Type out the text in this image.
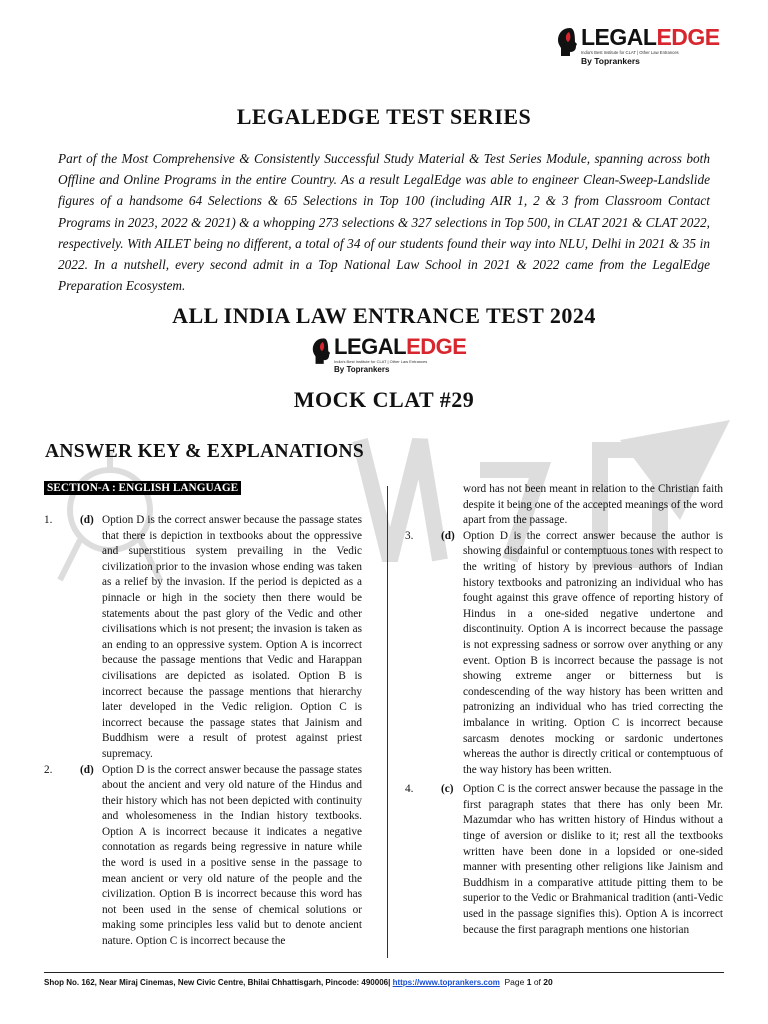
LEGALEDGE
India's Best Institute for CLAT | Other Law Entrances
By Toprankers
LEGALEDGE TEST SERIES
Part of the Most Comprehensive & Consistently Successful Study Material & Test Series Module, spanning across both Offline and Online Programs in the entire Country. As a result LegalEdge was able to engineer Clean-Sweep-Landslide figures of a handsome 64 Selections & 65 Selections in Top 100 (including AIR 1, 2 & 3 from Classroom Contact Programs in 2023, 2022 & 2021) & a whopping 273 selections & 327 selections in Top 500, in CLAT 2021 & CLAT 2022, respectively. With AILET being no different, a total of 34 of our students found their way into NLU, Delhi in 2021 & 35 in 2022. In a nutshell, every second admit in a Top National Law School in 2021 & 2022 came from the LegalEdge Preparation Ecosystem.
ALL INDIA LAW ENTRANCE TEST 2024
LEGALEDGE
India's Best Institute for CLAT | Other Law Entrances
By Toprankers
MOCK CLAT #29
ANSWER KEY & EXPLANATIONS
SECTION-A : ENGLISH LANGUAGE
1. (d) Option D is the correct answer because the passage states that there is depiction in textbooks about the oppressive and superstitious system prevailing in the Vedic civilization prior to the invasion whose ending was taken as a relief by the invasion. If the period is depicted as a pinnacle or high in the society then there would be statements about the past glory of the Vedic and other civilisations which is not present; the invasion is taken as an ending to an oppressive system. Option A is incorrect because the passage mentions that Vedic and Harappan civilisations are depicted as isolated. Option B is incorrect because the passage mentions that hierarchy later developed in the Vedic religion. Option C is incorrect because the passage states that Jainism and Buddhism were a result of protest against priest supremacy.
2. (d) Option D is the correct answer because the passage states about the ancient and very old nature of the Hindus and their history which has not been depicted with continuity and wholesomeness in the Indian history textbooks. Option A is incorrect because it indicates a negative connotation as regards being regressive in nature while the word is used in a positive sense in the passage to mean ancient or very old nature of the people and the civilization. Option B is incorrect because this word has not been used in the sense of chemical solutions or making some principles less valid but to denote ancient nature. Option C is incorrect because the
word has not been meant in relation to the Christian faith despite it being one of the accepted meanings of the word apart from the passage.
3. (d) Option D is the correct answer because the author is showing disdainful or contemptuous tones with respect to the writing of history by previous authors of Indian history textbooks and patronizing an individual who has fought against this grave offence of reporting history of Hindus in a one-sided negative undertone and discontinuity. Option A is incorrect because the passage is not expressing sadness or sorrow over anything or any event. Option B is incorrect because the passage is not showing extreme anger or bitterness but is condescending of the way history has been written and patronizing an individual who has tried correcting the imbalance in writing. Option C is incorrect because sarcasm denotes mocking or sardonic undertones whereas the author is directly critical or contemptuous of the way history has been written.
4. (c) Option C is the correct answer because the passage in the first paragraph states that there has only been Mr. Mazumdar who has written history of Hindus without a tinge of aversion or dislike to it; rest all the textbooks written have been done in a lopsided or one-sided manner with presenting other religions like Jainism and Buddhism in a comparative attitude pitting them to be superior to the Vedic or Brahmanical tradition (anti-Vedic used in the passage signifies this). Option A is incorrect because the first paragraph mentions one historian
Shop No. 162, Near Miraj Cinemas, New Civic Centre, Bhilai Chhattisgarh, Pincode: 490006| https://www.toprankers.com Page 1 of 20
